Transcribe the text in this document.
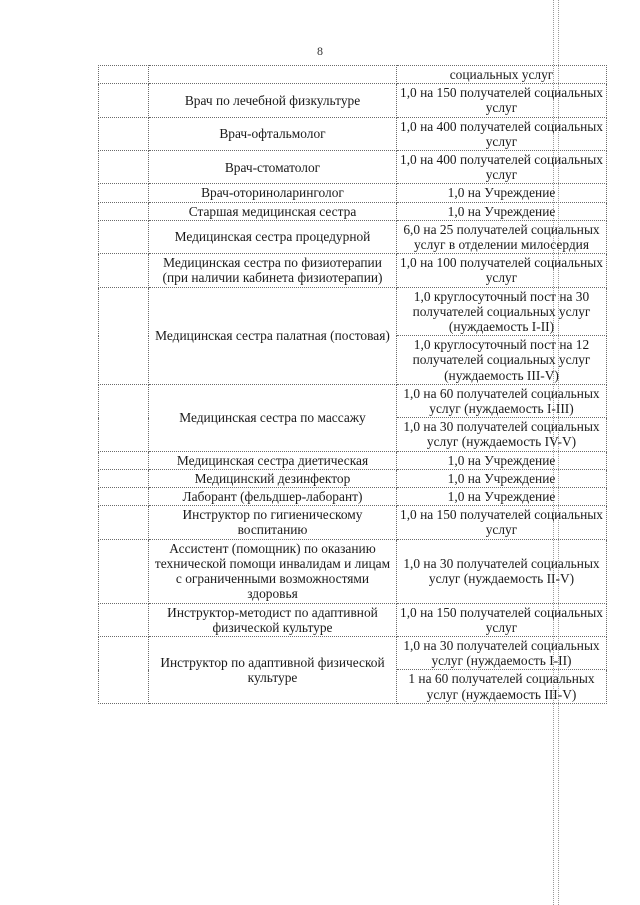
8
		социальных услуг
	Врач по лечебной физкультуре	1,0 на 150 получателей социальных услуг
	Врач-офтальмолог	1,0 на 400 получателей социальных услуг
	Врач-стоматолог	1,0 на 400 получателей социальных услуг
	Врач-оториноларинголог	1,0 на Учреждение
	Старшая медицинская сестра	1,0 на Учреждение
	Медицинская сестра процедурной	6,0 на 25 получателей социальных услуг в отделении милосердия
	Медицинская сестра по физиотерапии (при наличии кабинета физиотерапии)	1,0 на 100 получателей социальных услуг
	Медицинская сестра палатная (постовая)	1,0 круглосуточный пост на 30 получателей социальных услуг (нуждаемость I-II)
		1,0 круглосуточный пост на 12 получателей социальных услуг (нуждаемость III-V)
	Медицинская сестра по массажу	1,0 на 60 получателей социальных услуг (нуждаемость I-III)
		1,0 на 30 получателей социальных услуг (нуждаемость IV-V)
	Медицинская сестра диетическая	1,0 на Учреждение
	Медицинский дезинфектор	1,0 на Учреждение
	Лаборант (фельдшер-лаборант)	1,0 на Учреждение
	Инструктор по гигиеническому воспитанию	1,0 на 150 получателей социальных услуг
	Ассистент (помощник) по оказанию технической помощи инвалидам и лицам с ограниченными возможностями здоровья	1,0 на 30 получателей социальных услуг (нуждаемость II-V)
	Инструктор-методист по адаптивной физической культуре	1,0 на 150 получателей социальных услуг
	Инструктор по адаптивной физической культуре	1,0 на 30 получателей социальных услуг (нуждаемость I-II)
		1 на 60 получателей социальных услуг (нуждаемость III-V)
